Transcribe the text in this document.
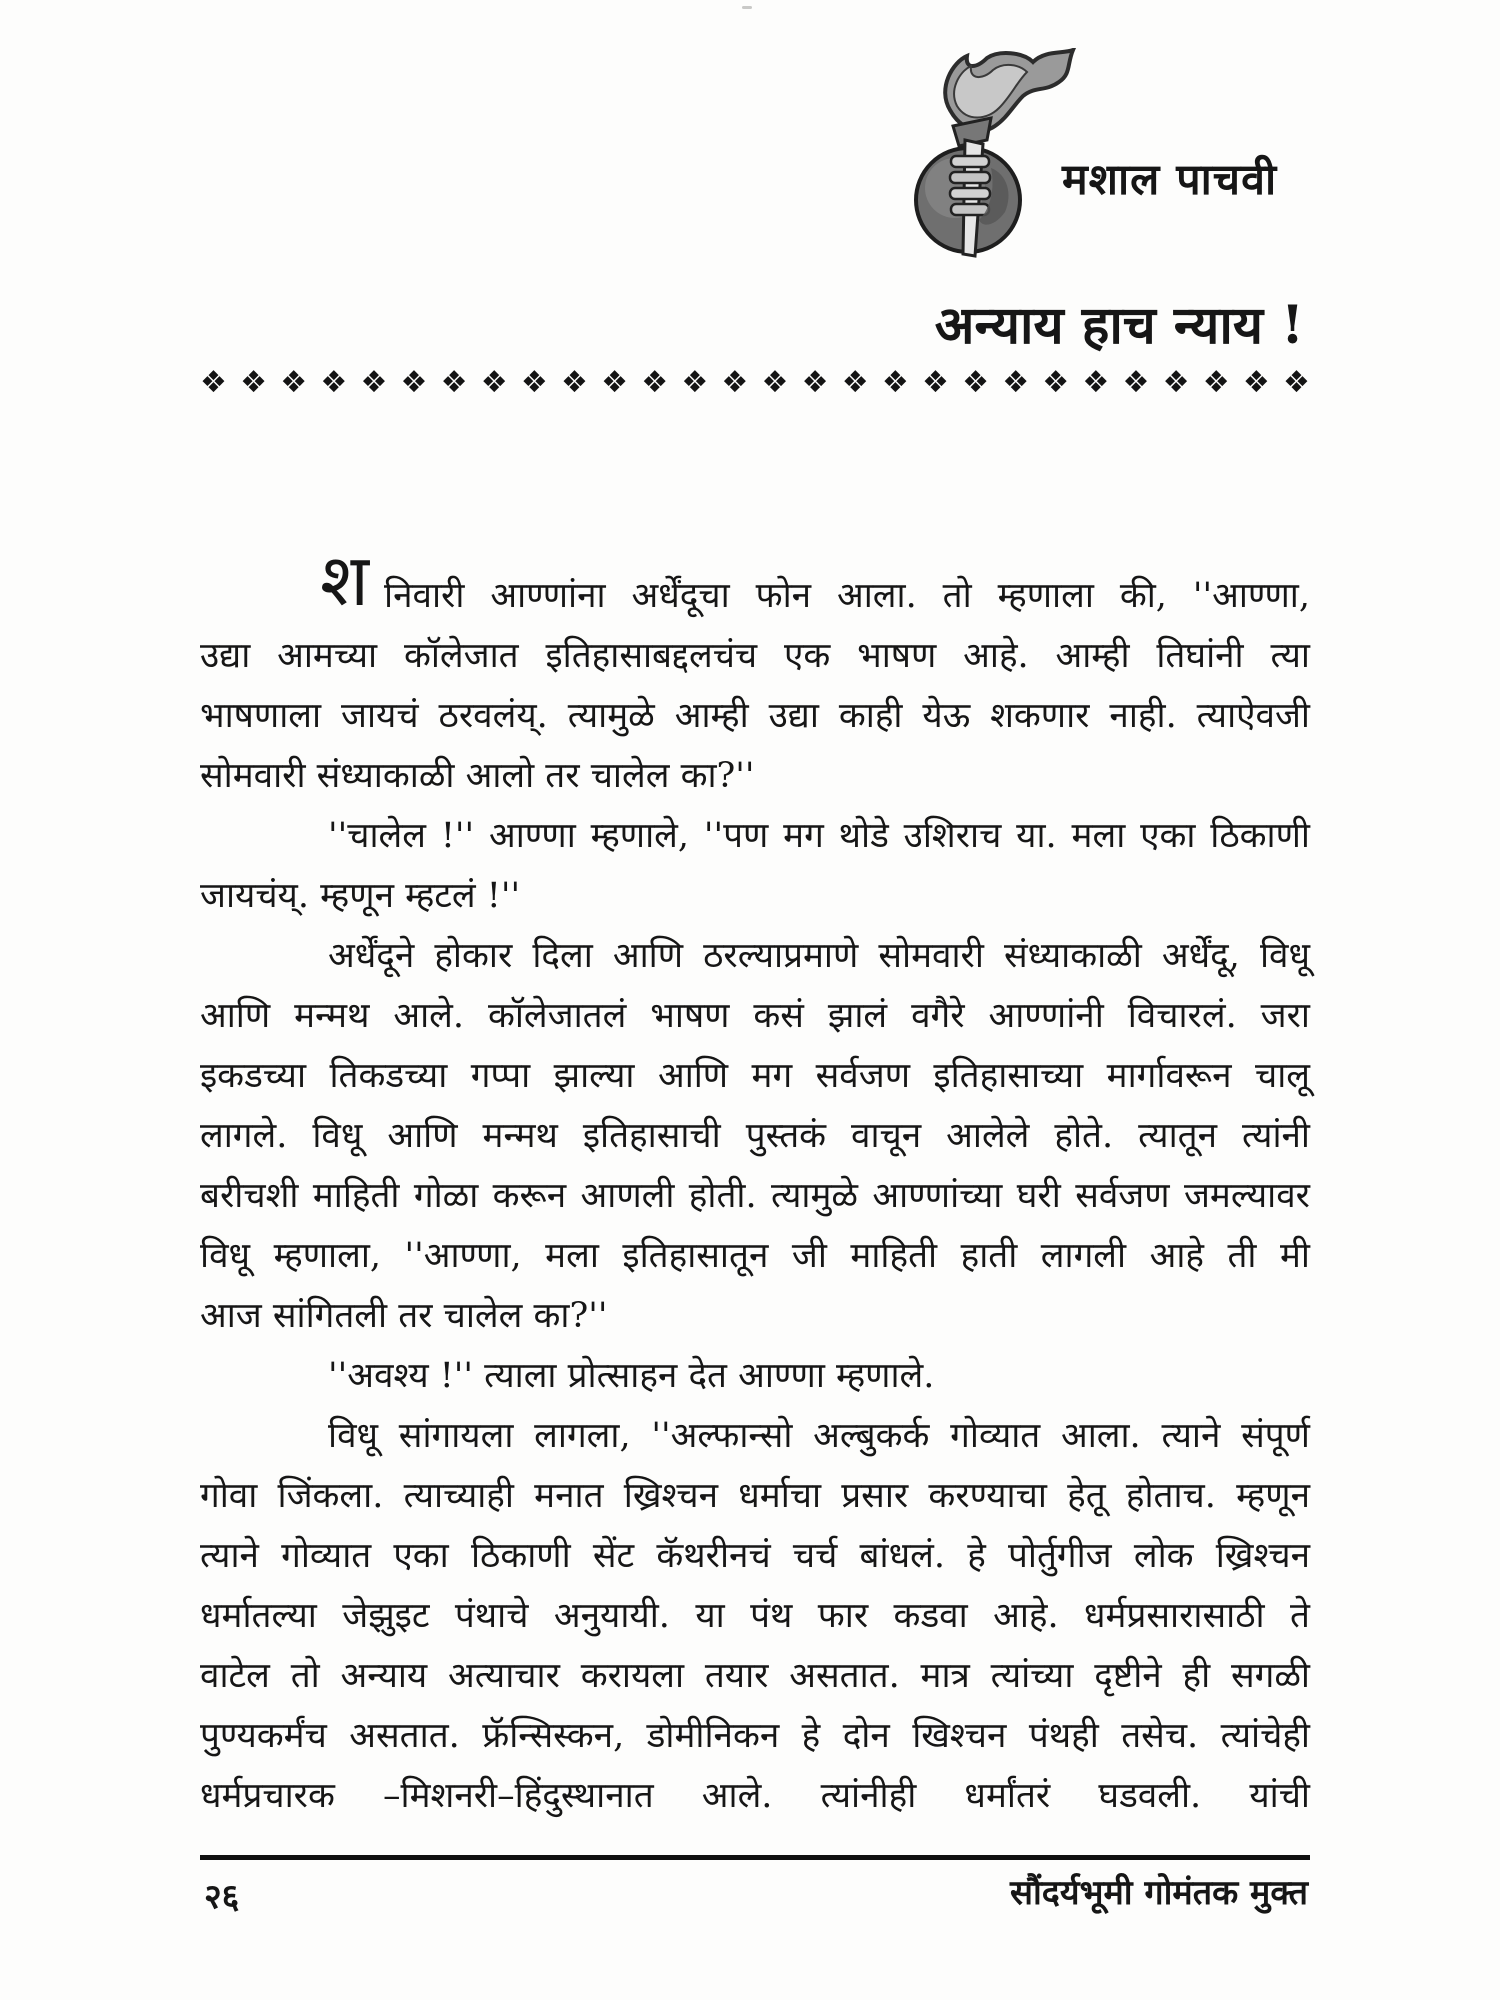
मशाल पाचवी
अन्याय हाच न्याय !
❖ ❖ ❖ ❖ ❖ ❖ ❖ ❖ ❖ ❖ ❖ ❖ ❖ ❖ ❖ ❖ ❖ ❖ ❖ ❖ ❖ ❖ ❖ ❖ ❖ ❖ ❖ ❖
श निवारी आण्णांना अर्धेंदूचा फोन आला. तो म्हणाला की, ''आण्णा,
उद्या आमच्या कॉलेजात इतिहासाबद्दलचंच एक भाषण आहे. आम्ही तिघांनी त्या
भाषणाला जायचं ठरवलंय्. त्यामुळे आम्ही उद्या काही येऊ शकणार नाही. त्याऐवजी
सोमवारी संध्याकाळी आलो तर चालेल का?''
''चालेल !'' आण्णा म्हणाले, ''पण मग थोडे उशिराच या. मला एका ठिकाणी
जायचंय्. म्हणून म्हटलं !''
अर्धेंदूने होकार दिला आणि ठरल्याप्रमाणे सोमवारी संध्याकाळी अर्धेंदू, विधू
आणि मन्मथ आले. कॉलेजातलं भाषण कसं झालं वगैरे आण्णांनी विचारलं. जरा
इकडच्या तिकडच्या गप्पा झाल्या आणि मग सर्वजण इतिहासाच्या मार्गावरून चालू
लागले. विधू आणि मन्मथ इतिहासाची पुस्तकं वाचून आलेले होते. त्यातून त्यांनी
बरीचशी माहिती गोळा करून आणली होती. त्यामुळे आण्णांच्या घरी सर्वजण जमल्यावर
विधू म्हणाला, ''आण्णा, मला इतिहासातून जी माहिती हाती लागली आहे ती मी
आज सांगितली तर चालेल का?''
''अवश्य !'' त्याला प्रोत्साहन देत आण्णा म्हणाले.
विधू सांगायला लागला, ''अल्फान्सो अल्बुकर्क गोव्यात आला. त्याने संपूर्ण
गोवा जिंकला. त्याच्याही मनात ख्रिश्चन धर्माचा प्रसार करण्याचा हेतू होताच. म्हणून
त्याने गोव्यात एका ठिकाणी सेंट कॅथरीनचं चर्च बांधलं. हे पोर्तुगीज लोक ख्रिश्चन
धर्मातल्या जेझुइट पंथाचे अनुयायी. या पंथ फार कडवा आहे. धर्मप्रसारासाठी ते
वाटेल तो अन्याय अत्याचार करायला तयार असतात. मात्र त्यांच्या दृष्टीने ही सगळी
पुण्यकर्मंच असतात. फ्रॅन्सिस्कन, डोमीनिकन हे दोन खिश्चन पंथही तसेच. त्यांचेही
धर्मप्रचारक –मिशनरी–हिंदुस्थानात आले. त्यांनीही धर्मांतरं घडवली. यांची
२६	सौंदर्यभूमी गोमंतक मुक्त
